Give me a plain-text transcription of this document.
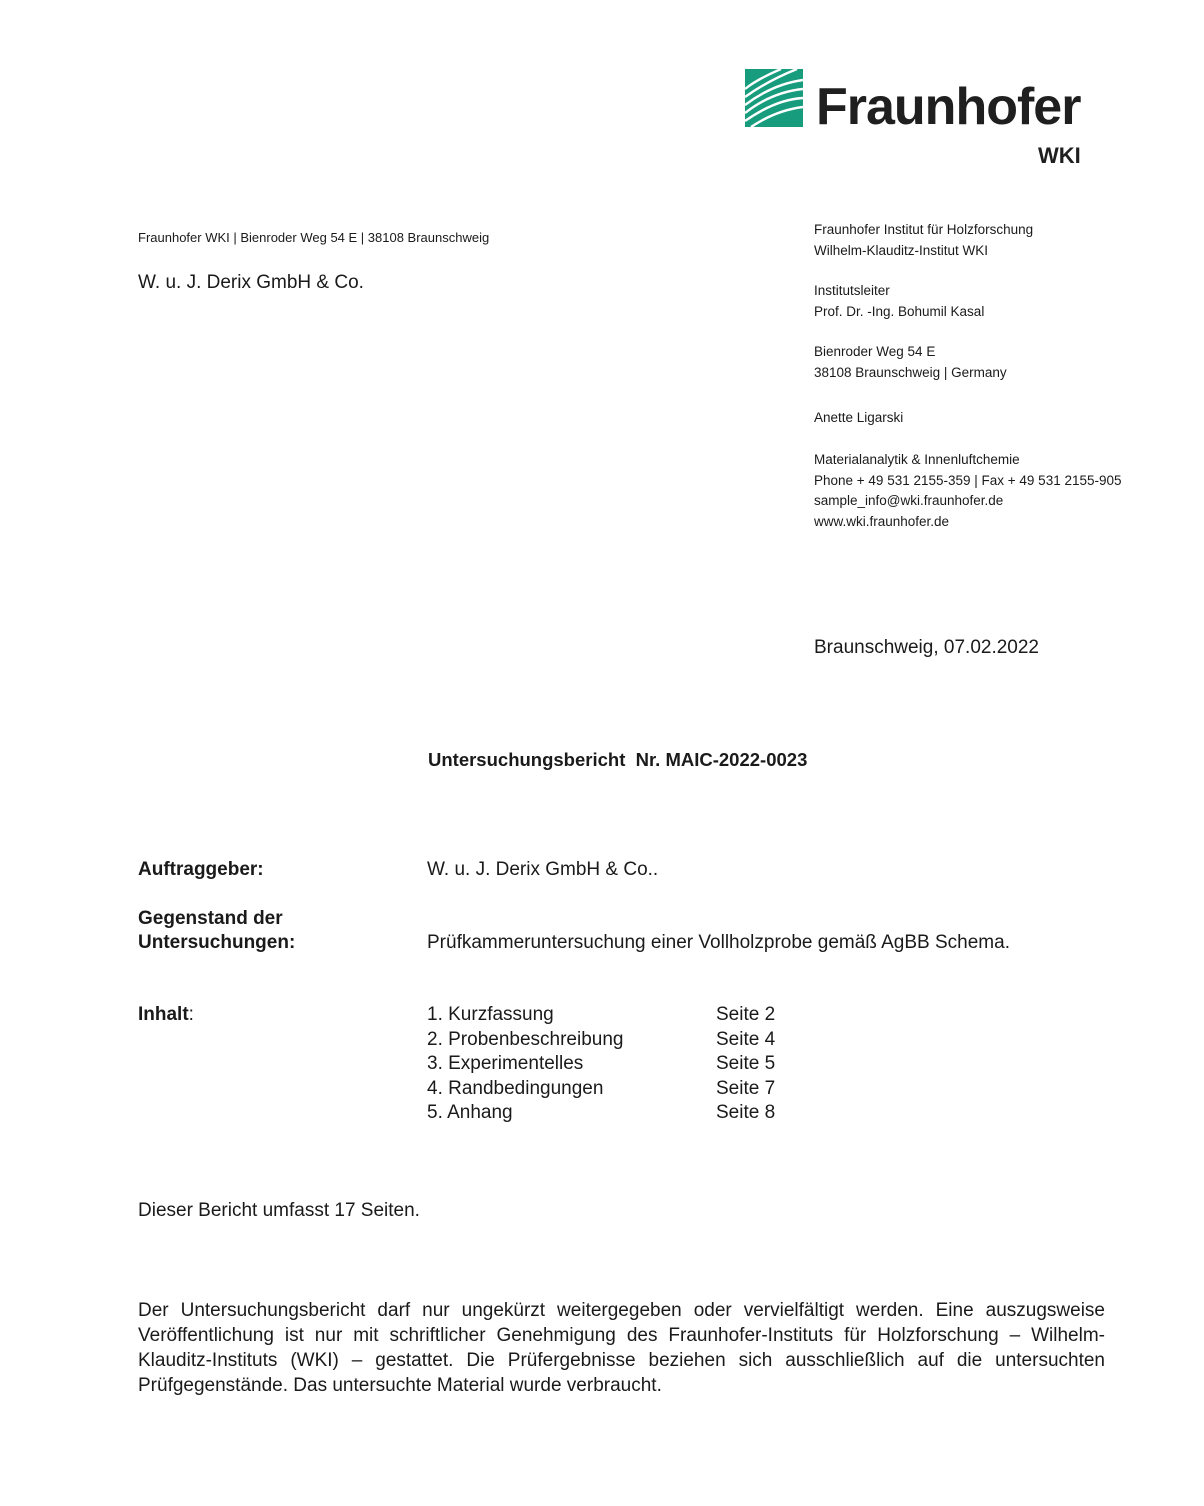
Fraunhofer
WKI
Fraunhofer WKI | Bienroder Weg 54 E | 38108 Braunschweig
W. u. J. Derix GmbH & Co.
Fraunhofer Institut für Holzforschung
Wilhelm-Klauditz-Institut WKI
Institutsleiter
Prof. Dr. -Ing. Bohumil Kasal
Bienroder Weg 54 E
38108 Braunschweig | Germany
Anette Ligarski
Materialanalytik & Innenluftchemie
Phone + 49 531 2155-359 | Fax + 49 531 2155-905
sample_info@wki.fraunhofer.de
www.wki.fraunhofer.de
Braunschweig, 07.02.2022
Untersuchungsbericht  Nr. MAIC-2022-0023
Auftraggeber:	W. u. J. Derix GmbH & Co..
Gegenstand der
Untersuchungen:	Prüfkammeruntersuchung einer Vollholzprobe gemäß AgBB Schema.
Inhalt:	1. Kurzfassung	Seite 2
2. Probenbeschreibung	Seite 4
3. Experimentelles	Seite 5
4. Randbedingungen	Seite 7
5. Anhang	Seite 8
Dieser Bericht umfasst 17 Seiten.
Der Untersuchungsbericht darf nur ungekürzt weitergegeben oder vervielfältigt werden. Eine auszugsweise Veröffentlichung ist nur mit schriftlicher Genehmigung des Fraunhofer-Instituts für Holzforschung – Wilhelm-Klauditz-Instituts (WKI) – gestattet. Die Prüfergebnisse beziehen sich ausschließlich auf die untersuchten Prüfgegenstände. Das untersuchte Material wurde verbraucht.
